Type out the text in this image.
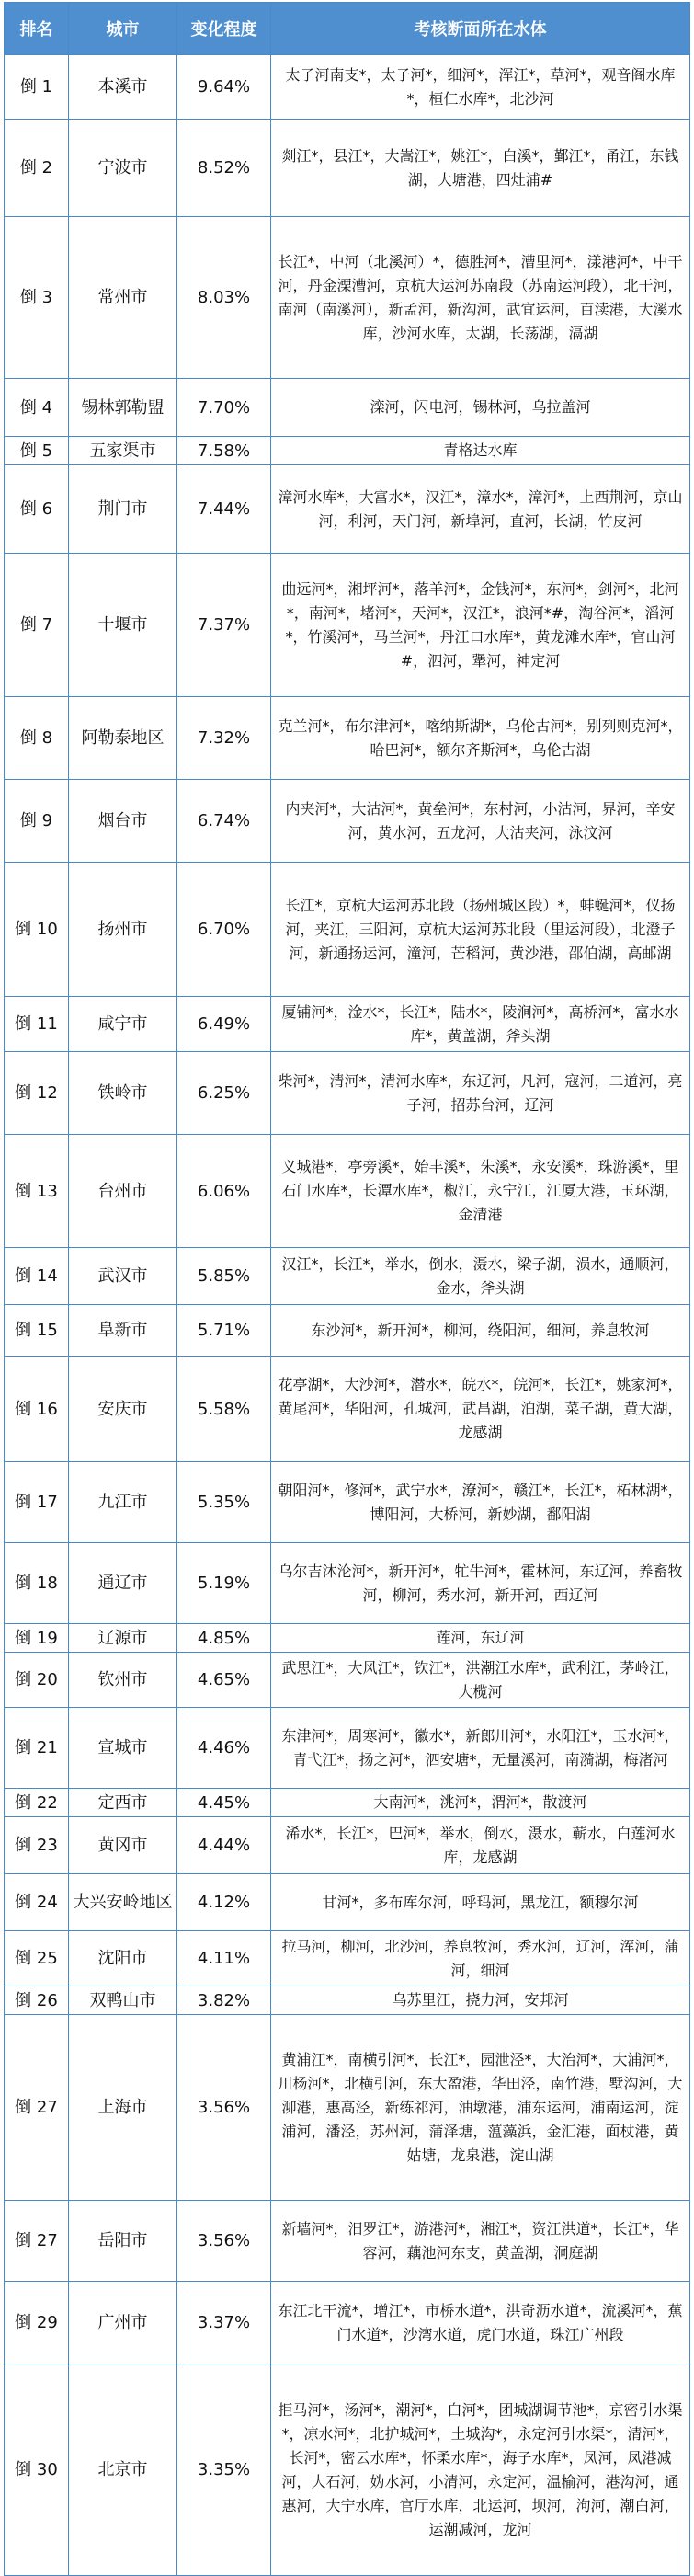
排名	城市	变化程度	考核断面所在水体
倒 1	本溪市	9.64%	太子河南支*，太子河*，细河*，浑江*，草河*，观音阁水库*，桓仁水库*，北沙河
倒 2	宁波市	8.52%	剡江*，县江*，大嵩江*，姚江*，白溪*，鄞江*，甬江，东钱湖，大塘港，四灶浦#
倒 3	常州市	8.03%	长江*，中河（北溪河）*，德胜河*，漕里河*，漾港河*，中干河，丹金溧漕河，京杭大运河苏南段（苏南运河段），北干河，南河（南溪河），新孟河，新沟河，武宜运河，百渎港，大溪水库，沙河水库，太湖，长荡湖，滆湖
倒 4	锡林郭勒盟	7.70%	滦河，闪电河，锡林河，乌拉盖河
倒 5	五家渠市	7.58%	青格达水库
倒 6	荆门市	7.44%	漳河水库*，大富水*，汉江*，漳水*，漳河*，上西荆河，京山河，利河，天门河，新埠河，直河，长湖，竹皮河
倒 7	十堰市	7.37%	曲远河*，湘坪河*，落羊河*，金钱河*，东河*，剑河*，北河*，南河*，堵河*，天河*，汉江*，浪河*#，淘谷河*，滔河*，竹溪河*，马兰河*，丹江口水库*，黄龙滩水库*，官山河#，泗河，犟河，神定河
倒 8	阿勒泰地区	7.32%	克兰河*，布尔津河*，喀纳斯湖*，乌伦古河*，别列则克河*，哈巴河*，额尔齐斯河*，乌伦古湖
倒 9	烟台市	6.74%	内夹河*，大沽河*，黄垒河*，东村河，小沽河，界河，辛安河，黄水河，五龙河，大沽夹河，泳汶河
倒 10	扬州市	6.70%	长江*，京杭大运河苏北段（扬州城区段）*，蚌蜒河*，仪扬河，夹江，三阳河，京杭大运河苏北段（里运河段），北澄子河，新通扬运河，潼河，芒稻河，黄沙港，邵伯湖，高邮湖
倒 11	咸宁市	6.49%	厦铺河*，淦水*，长江*，陆水*，陵涧河*，高桥河*，富水水库*，黄盖湖，斧头湖
倒 12	铁岭市	6.25%	柴河*，清河*，清河水库*，东辽河，凡河，寇河，二道河，亮子河，招苏台河，辽河
倒 13	台州市	6.06%	义城港*，亭旁溪*，始丰溪*，朱溪*，永安溪*，珠游溪*，里石门水库*，长潭水库*，椒江，永宁江，江厦大港，玉环湖，金清港
倒 14	武汉市	5.85%	汉江*，长江*，举水，倒水，滠水，梁子湖，涢水，通顺河，金水，斧头湖
倒 15	阜新市	5.71%	东沙河*，新开河*，柳河，绕阳河，细河，养息牧河
倒 16	安庆市	5.58%	花亭湖*，大沙河*，潜水*，皖水*，皖河*，长江*，姚家河*，黄尾河*，华阳河，孔城河，武昌湖，泊湖，菜子湖，黄大湖，龙感湖
倒 17	九江市	5.35%	朝阳河*，修河*，武宁水*，潦河*，赣江*，长江*，柘林湖*，博阳河，大桥河，新妙湖，鄱阳湖
倒 18	通辽市	5.19%	乌尔吉沐沦河*，新开河*，牤牛河*，霍林河，东辽河，养畜牧河，柳河，秀水河，新开河，西辽河
倒 19	辽源市	4.85%	莲河，东辽河
倒 20	钦州市	4.65%	武思江*，大风江*，钦江*，洪潮江水库*，武利江，茅岭江，大榄河
倒 21	宣城市	4.46%	东津河*，周寒河*，徽水*，新郎川河*，水阳江*，玉水河*，青弋江*，扬之河*，泗安塘*，无量溪河，南漪湖，梅渚河
倒 22	定西市	4.45%	大南河*，洮河*，渭河*，散渡河
倒 23	黄冈市	4.44%	浠水*，长江*，巴河*，举水，倒水，滠水，蕲水，白莲河水库，龙感湖
倒 24	大兴安岭地区	4.12%	甘河*，多布库尔河，呼玛河，黑龙江，额穆尔河
倒 25	沈阳市	4.11%	拉马河，柳河，北沙河，养息牧河，秀水河，辽河，浑河，蒲河，细河
倒 26	双鸭山市	3.82%	乌苏里江，挠力河，安邦河
倒 27	上海市	3.56%	黄浦江*，南横引河*，长江*，园泄泾*，大治河*，大浦河*，川杨河*，北横引河，东大盈港，华田泾，南竹港，墅沟河，大泖港，惠高泾，新练祁河，油墩港，浦东运河，浦南运河，淀浦河，潘泾，苏州河，蒲泽塘，蕰藻浜，金汇港，面杖港，黄姑塘，龙泉港，淀山湖
倒 27	岳阳市	3.56%	新墙河*，汨罗江*，游港河*，湘江*，资江洪道*，长江*，华容河，藕池河东支，黄盖湖，洞庭湖
倒 29	广州市	3.37%	东江北干流*，增江*，市桥水道*，洪奇沥水道*，流溪河*，蕉门水道*，沙湾水道，虎门水道，珠江广州段
倒 30	北京市	3.35%	拒马河*，汤河*，潮河*，白河*，团城湖调节池*，京密引水渠*，凉水河*，北护城河*，土城沟*，永定河引水渠*，清河*，长河*，密云水库*，怀柔水库*，海子水库*，凤河，凤港减河，大石河，妫水河，小清河，永定河，温榆河，港沟河，通惠河，大宁水库，官厅水库，北运河，坝河，泃河，潮白河，运潮减河，龙河
